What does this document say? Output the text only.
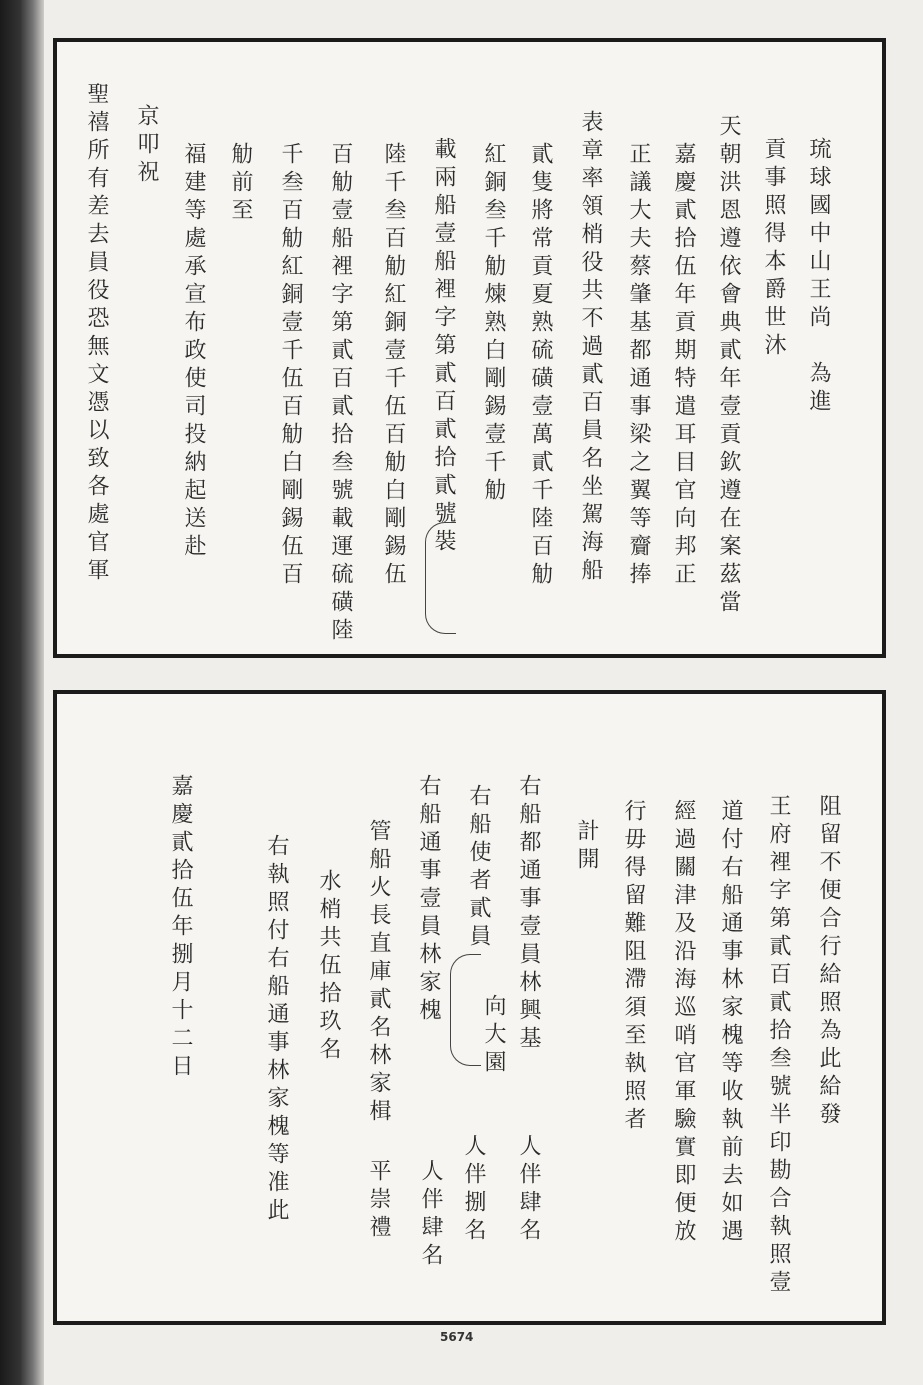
琉球國中山王尚　為進
貢事照得本爵世沐
天朝洪恩遵依會典貳年壹貢欽遵在案茲當
嘉慶貳拾伍年貢期特遣耳目官向邦正
正議大夫蔡肇基都通事梁之翼等齎捧
表章率領梢役共不過貳百員名坐駕海船
貳隻將常貢夏熟硫磺壹萬貳千陸百觔
紅銅叁千觔煉熟白剛錫壹千觔
載兩船壹船裡字第貳百貳拾貳號裝
陸千叁百觔紅銅壹千伍百觔白剛錫伍
百觔壹船裡字第貳百貳拾叁號載運硫磺陸
千叁百觔紅銅壹千伍百觔白剛錫伍百
觔前至
福建等處承宣布政使司投納起送赴
京叩祝
聖禧所有差去員役恐無文憑以致各處官軍
阻留不便合行給照為此給發
王府裡字第貳百貳拾叁號半印勘合執照壹
道付右船通事林家槐等收執前去如遇
經過關津及沿海巡哨官軍驗實即便放
行毋得留難阻滯須至執照者
計開
右船都通事壹員林興基
人伴肆名
右船使者貳員
向大園
人伴捌名
右船通事壹員林家槐
人伴肆名
管船火長直庫貳名林家楫
平崇禮
水梢共伍拾玖名
右執照付右船通事林家槐等准此
嘉慶貳拾伍年捌月十二日
5674
